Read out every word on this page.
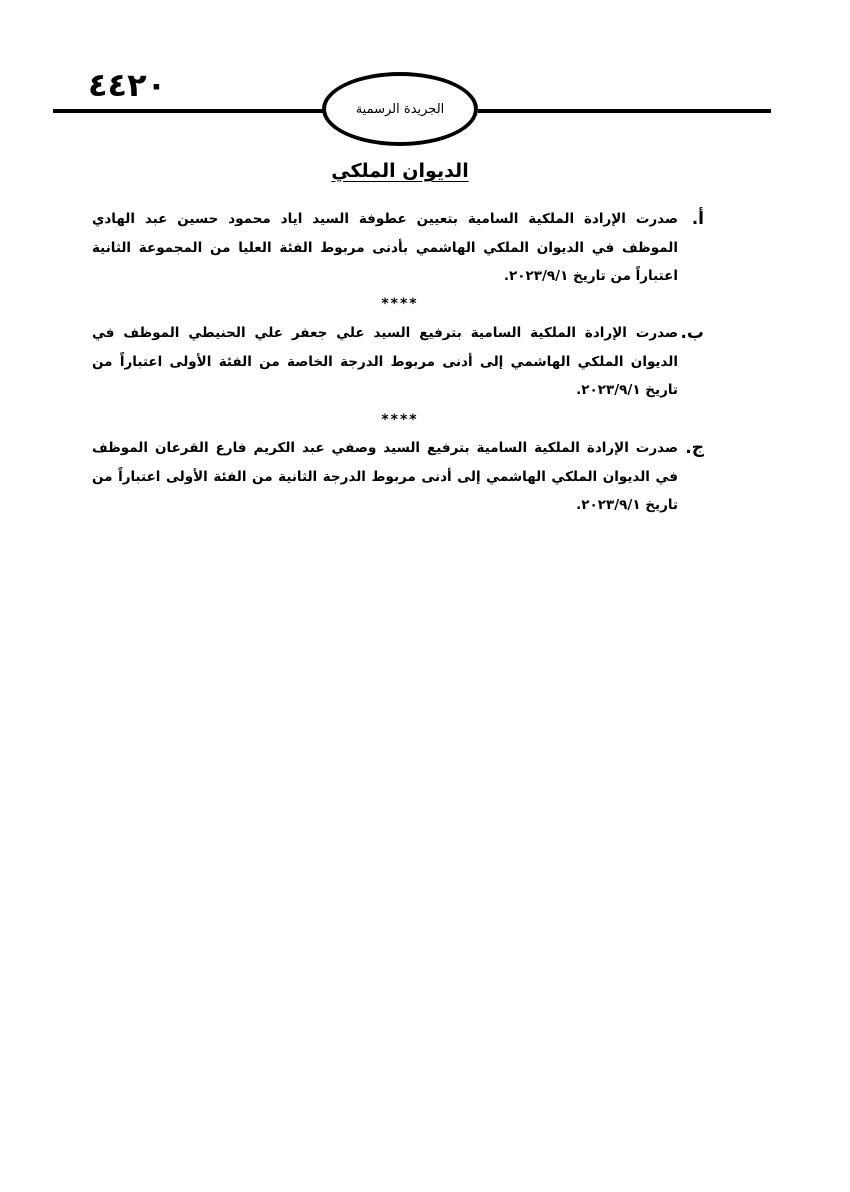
٤٤٢٠
الجريدة الرسمية
الديوان الملكي
أ.
صدرت الإرادة الملكية السامية بتعيين عطوفة السيد اياد محمود حسين عبد الهادي الموظف في الديوان الملكي الهاشمي بأدنى مربوط الفئة العليا من المجموعة الثانية اعتباراً من تاريخ ٢٠٢٣/٩/١.
****
ب.
صدرت الإرادة الملكية السامية بترفيع السيد علي جعفر علي الحنيطي الموظف في الديوان الملكي الهاشمي إلى أدنى مربوط الدرجة الخاصة من الفئة الأولى اعتباراً من تاريخ ٢٠٢٣/٩/١.
****
ج.
صدرت الإرادة الملكية السامية بترفيع السيد وصفي عبد الكريم فارع القرعان الموظف في الديوان الملكي الهاشمي إلى أدنى مربوط الدرجة الثانية من الفئة الأولى اعتباراً من تاريخ ٢٠٢٣/٩/١.
